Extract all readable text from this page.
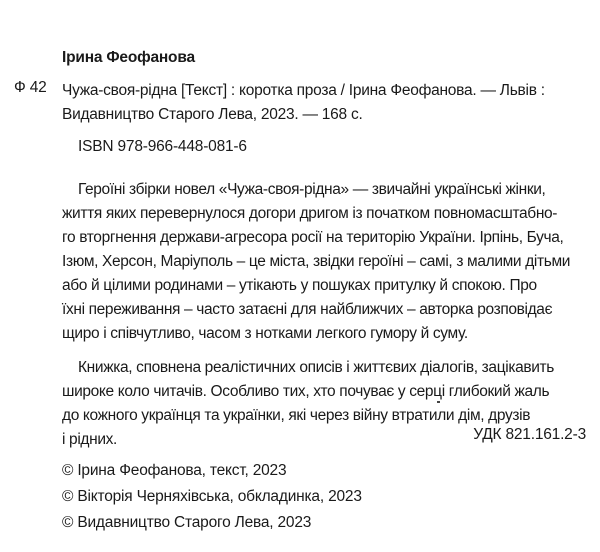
Ірина Феофанова
Ф 42 Чужа-своя-рідна [Текст] : коротка проза / Ірина Феофанова. — Львів :
Видавництво Старого Лева, 2023. — 168 с.
ISBN 978-966-448-081-6
Героїні збірки новел «Чужа-своя-рідна» — звичайні українські жінки,
життя яких перевернулося догори дригом із початком повномасштабно-
го вторгнення держави-агресора росії на територію України. Ірпінь, Буча,
Ізюм, Херсон, Маріуполь – це міста, звідки героїні – самі, з малими дітьми
або й цілими родинами – утікають у пошуках притулку й спокою. Про
їхні переживання – часто затаєні для найближчих – авторка розповідає
щиро і співчутливо, часом з нотками легкого гумору й суму.
Книжка, сповнена реалістичних описів і життєвих діалогів, зацікавить
широке коло читачів. Особливо тих, хто почуває у серці глибокий жаль
до кожного українця та українки, які через війну втратили дім, друзів
і рідних.	УДК 821.161.2-3
© Ірина Феофанова, текст, 2023
© Вікторія Черняхівська, обкладинка, 2023
© Видавництво Старого Лева, 2023
